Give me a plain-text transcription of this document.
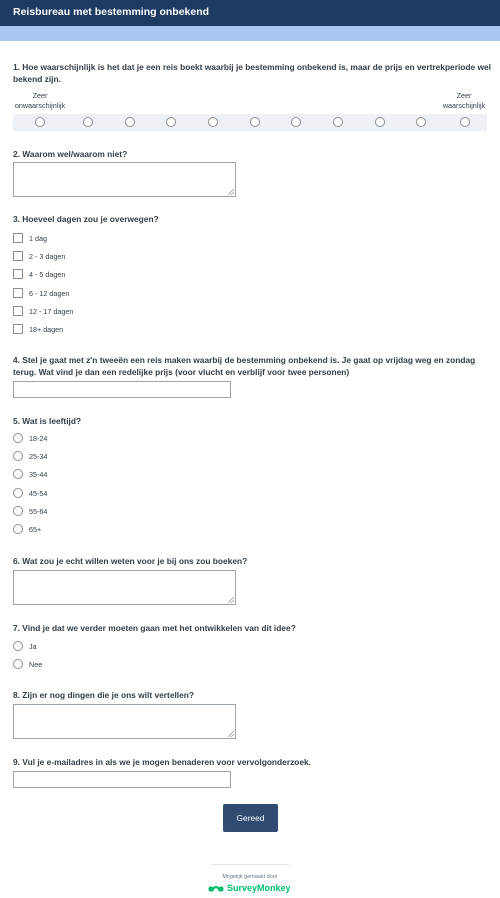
Reisbureau met bestemming onbekend
1. Hoe waarschijnlijk is het dat je een reis boekt waarbij je bestemming onbekend is, maar de prijs en vertrekperiode wel bekend zijn.
Zeer
onwaarschijnlijk
Zeer
waarschijnlijk
2. Waarom wel/waarom niet?
3. Hoeveel dagen zou je overwegen?
1 dag
2 - 3 dagen
4 - 5 dagen
6 - 12 dagen
12 - 17 dagen
18+ dagen
4. Stel je gaat met z'n tweeën een reis maken waarbij de bestemming onbekend is. Je gaat op vrijdag weg en zondag terug. Wat vind je dan een redelijke prijs (voor vlucht en verblijf voor twee personen)
5. Wat is leeftijd?
18-24
25-34
35-44
45-54
55-64
65+
6. Wat zou je echt willen weten voor je bij ons zou boeken?
7. Vind je dat we verder moeten gaan met het ontwikkelen van dit idee?
Ja
Nee
8. Zijn er nog dingen die je ons wilt vertellen?
9. Vul je e-mailadres in als we je mogen benaderen voor vervolgonderzoek.
Gereed
Mogelijk gemaakt door
SurveyMonkey
